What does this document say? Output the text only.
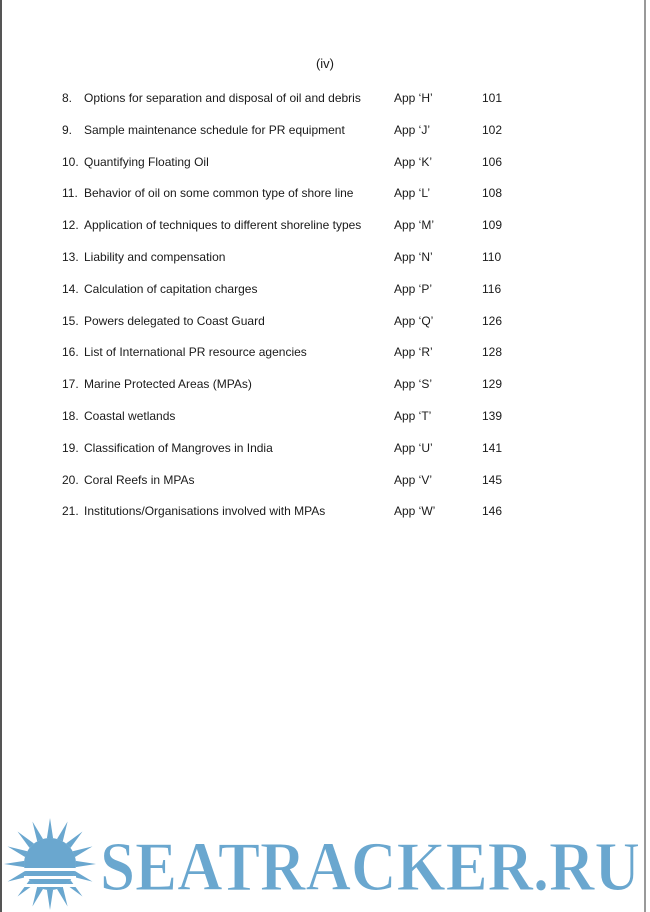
(iv)
8. Options for separation and disposal of oil and debris	App ‘H’	101
9. Sample maintenance schedule for PR equipment	App ‘J’	102
10. Quantifying Floating Oil	App ‘K’	106
11. Behavior of oil on some common type of shore line	App ‘L’	108
12. Application of techniques to different shoreline types	App ‘M’	109
13. Liability and compensation	App ‘N’	110
14. Calculation of capitation charges	App ‘P’	116
15. Powers delegated to Coast Guard	App ‘Q’	126
16. List of International PR resource agencies	App ‘R’	128
17. Marine Protected Areas (MPAs)	App ‘S’	129
18. Coastal wetlands	App ‘T’	139
19. Classification of Mangroves in India	App ‘U’	141
20. Coral Reefs in MPAs	App ‘V’	145
21. Institutions/Organisations involved with MPAs	App ‘W’	146
SEATRACKER.RU
